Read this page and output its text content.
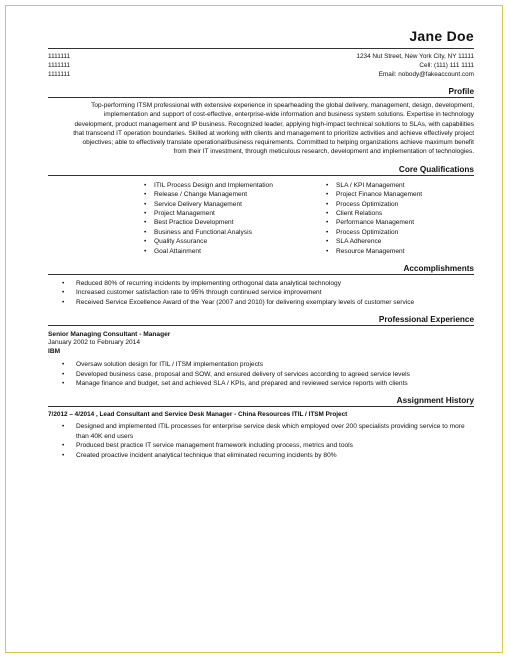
Jane Doe
1111111
1111111
1111111
1234 Nut Street, New York City, NY 11111
Cell: (111) 111 1111
Email: nobody@fakeaccount.com
Profile
Top-performing ITSM professional with extensive experience in spearheading the global delivery, management, design, development, implementation and support of cost-effective, enterprise-wide information and business system solutions. Expertise in technology development, product management and IP business. Recognized leader, applying high-impact technical solutions to SLAs, with capabilities that transcend IT operation boundaries. Skilled at working with clients and management to prioritize activities and achieve effectively project objectives; able to effectively translate operational/business requirements. Committed to helping organizations achieve maximum benefit from their IT investment, through meticulous research, development and implementation of technologies.
Core Qualifications
• ITIL Process Design and Implementation
• Release / Change Management
• Service Delivery Management
• Project Management
• Best Practice Development
• Business and Functional Analysis
• Quality Assurance
• Goal Attainment
• SLA / KPI Management
• Project Finance Management
• Process Optimization
• Client Relations
• Performance Management
• Process Optimization
• SLA Adherence
• Resource Management
Accomplishments
• Reduced 80% of recurring incidents by implementing orthogonal data analytical technology
• Increased customer satisfaction rate to 95% through continued service improvement
• Received Service Excellence Award of the Year (2007 and 2010) for delivering exemplary levels of customer service
Professional Experience
Senior Managing Consultant - Manager
January 2002 to February 2014
IBM
• Oversaw solution design for ITIL / ITSM implementation projects
• Developed business case, proposal and SOW, and ensured delivery of services according to agreed service levels
• Manage finance and budget, set and achieved SLA / KPIs, and prepared and reviewed service reports with clients
Assignment History
7/2012 – 4/2014 , Lead Consultant and Service Desk Manager - China Resources ITIL / ITSM Project
• Designed and implemented ITIL processes for enterprise service desk which employed over 200 specialists providing service to more than 40K end users
• Produced best practice IT service management framework including process, metrics and tools
• Created proactive incident analytical technique that eliminated recurring incidents by 80%
